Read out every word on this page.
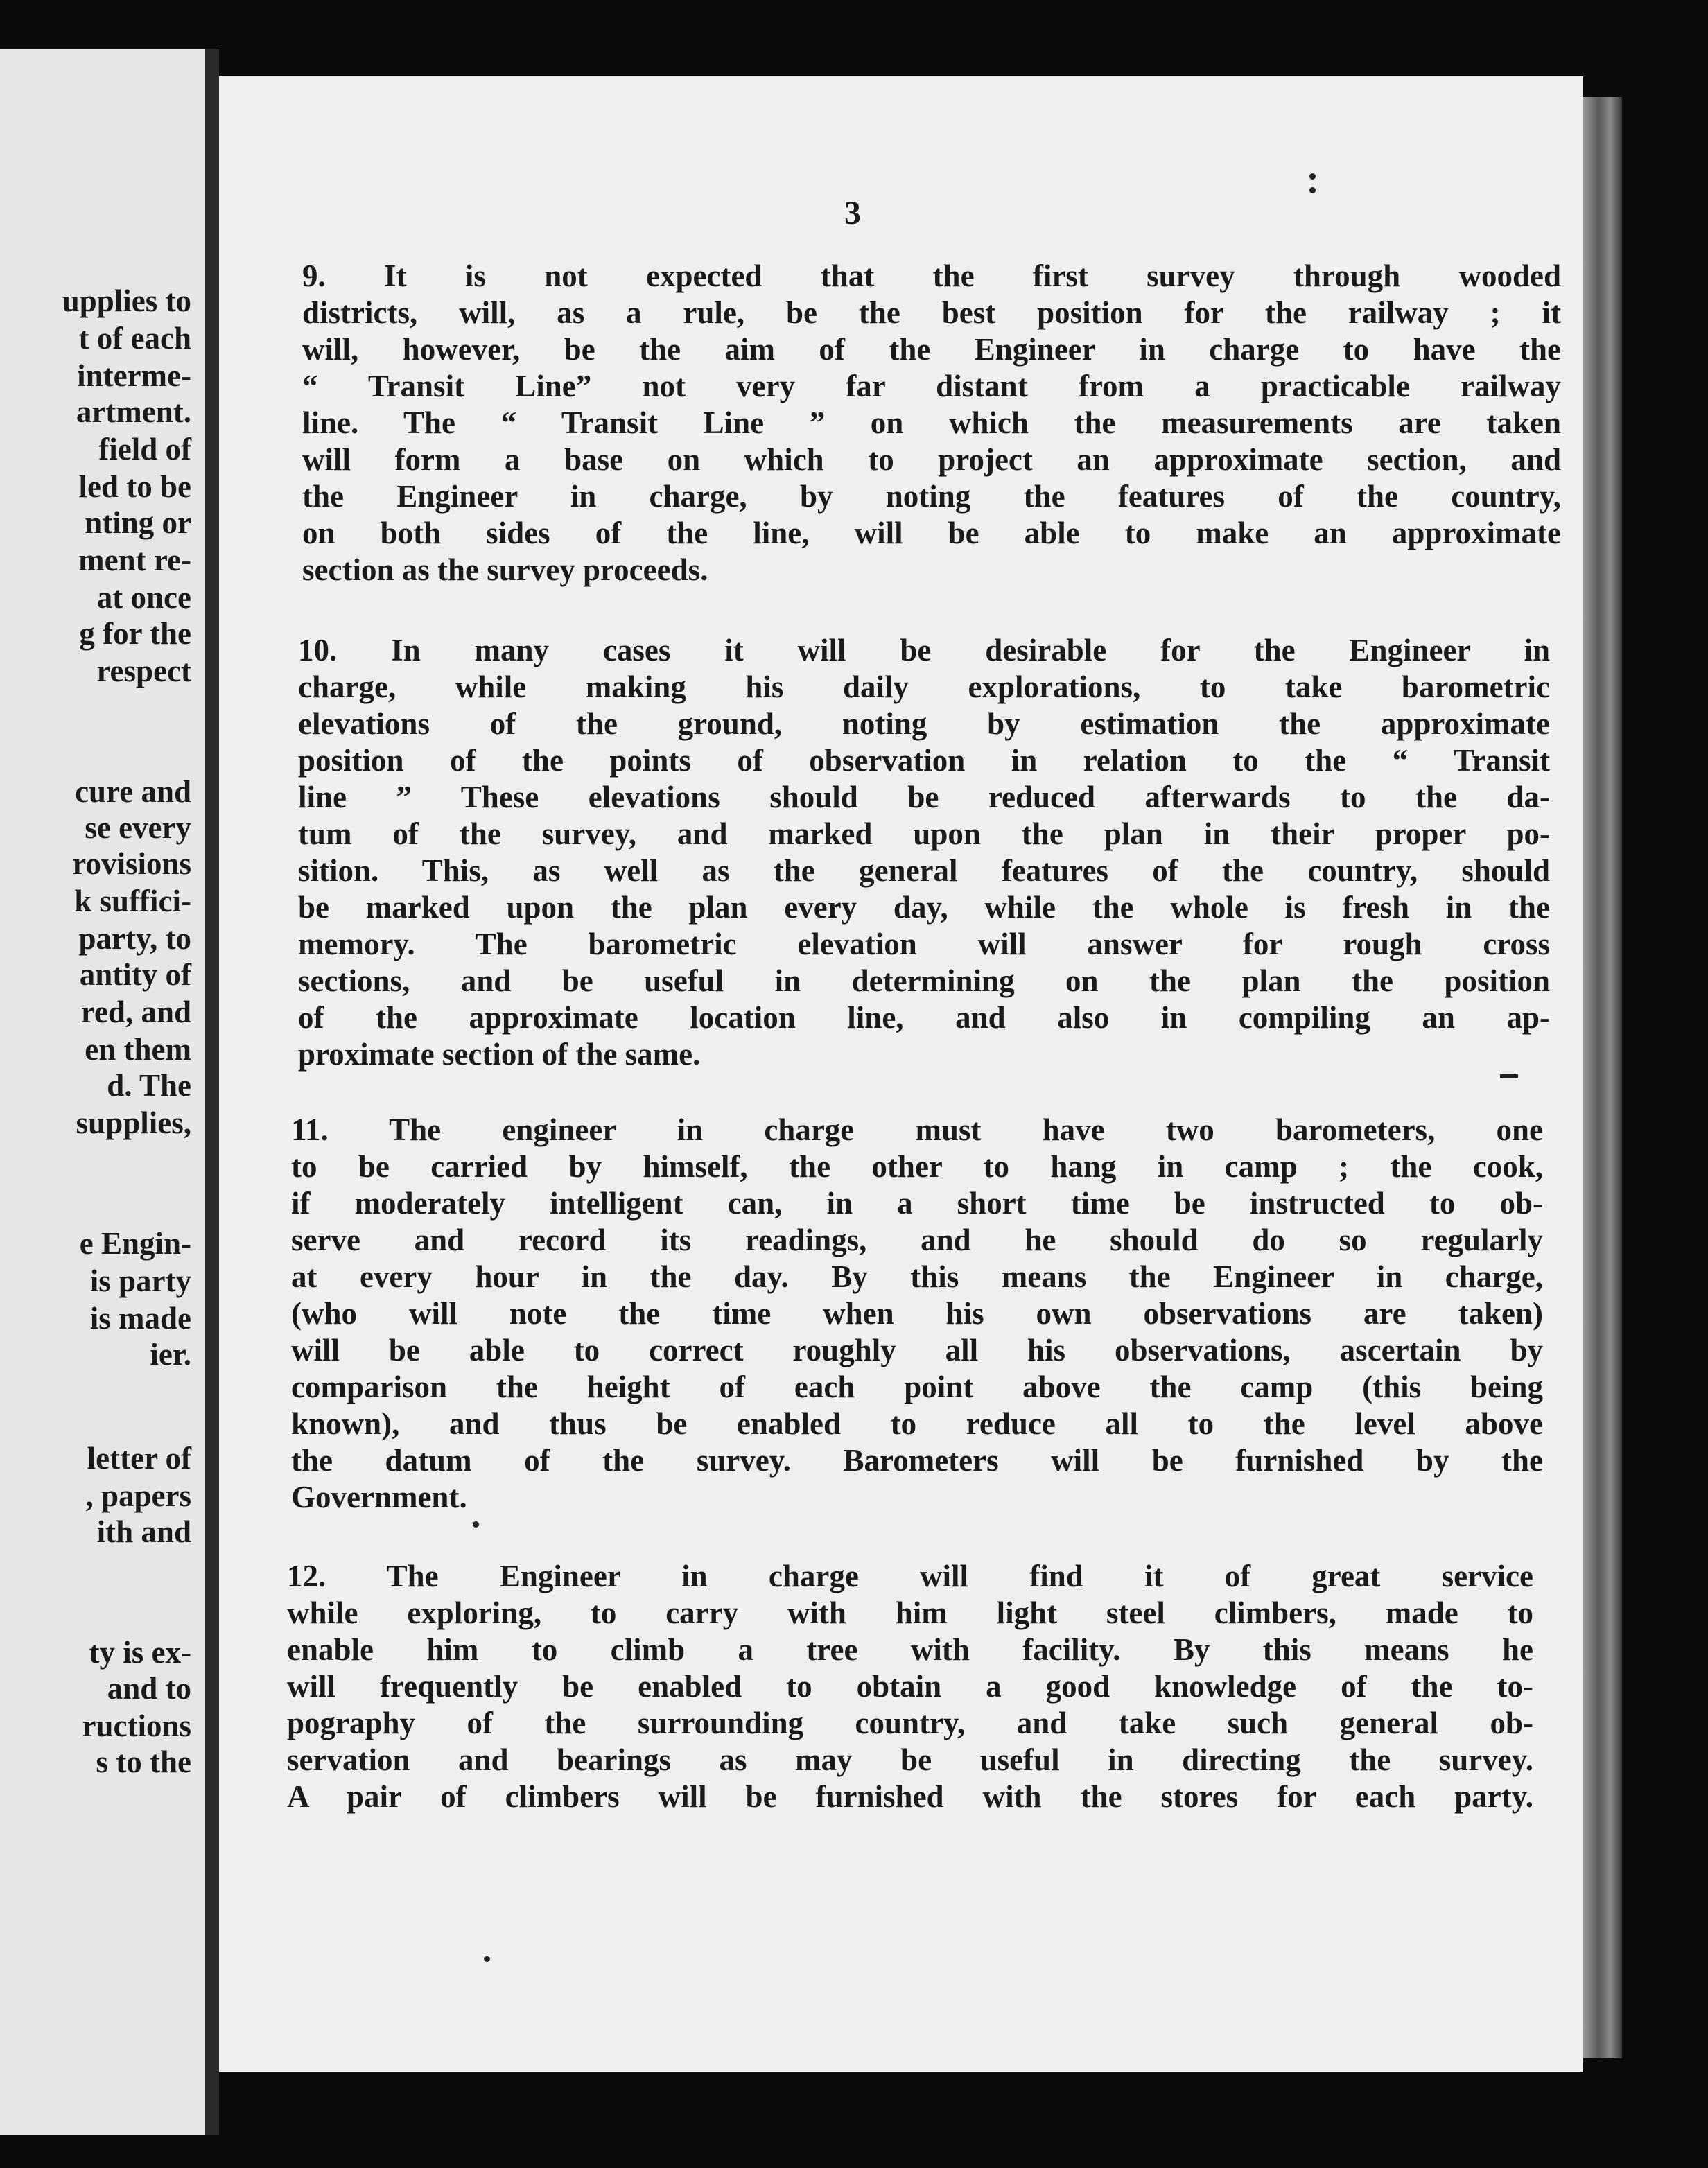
upplies to
t of each
interme-
artment.
field of
led to be
nting or
ment re-
at once
g for the
respect
cure and
se every
rovisions
k suffici-
party, to
antity of
red, and
en them
d. The
supplies,
e Engin-
is party
is made
ier.
letter of
, papers
ith and
ty is ex-
and to
ructions
s to the
3
9. It is not expected that the first survey through wooded
districts, will, as a rule, be the best position for the railway ; it
will, however, be the aim of the Engineer in charge to have the
“ Transit Line” not very far distant from a practicable railway
line. The “ Transit Line ” on which the measurements are taken
will form a base on which to project an approximate section, and
the Engineer in charge, by noting the features of the country,
on both sides of the line, will be able to make an approximate
section as the survey proceeds.
10. In many cases it will be desirable for the Engineer in
charge, while making his daily explorations, to take barometric
elevations of the ground, noting by estimation the approximate
position of the points of observation in relation to the “ Transit
line ” These elevations should be reduced afterwards to the da-
tum of the survey, and marked upon the plan in their proper po-
sition. This, as well as the general features of the country, should
be marked upon the plan every day, while the whole is fresh in the
memory. The barometric elevation will answer for rough cross
sections, and be useful in determining on the plan the position
of the approximate location line, and also in compiling an ap-
proximate section of the same.
11. The engineer in charge must have two barometers, one
to be carried by himself, the other to hang in camp ; the cook,
if moderately intelligent can, in a short time be instructed to ob-
serve and record its readings, and he should do so regularly
at every hour in the day. By this means the Engineer in charge,
(who will note the time when his own observations are taken)
will be able to correct roughly all his observations, ascertain by
comparison the height of each point above the camp (this being
known), and thus be enabled to reduce all to the level above
the datum of the survey. Barometers will be furnished by the
Government.
12. The Engineer in charge will find it of great service
while exploring, to carry with him light steel climbers, made to
enable him to climb a tree with facility. By this means he
will frequently be enabled to obtain a good knowledge of the to-
pography of the surrounding country, and take such general ob-
servation and bearings as may be useful in directing the survey.
A pair of climbers will be furnished with the stores for each party.
